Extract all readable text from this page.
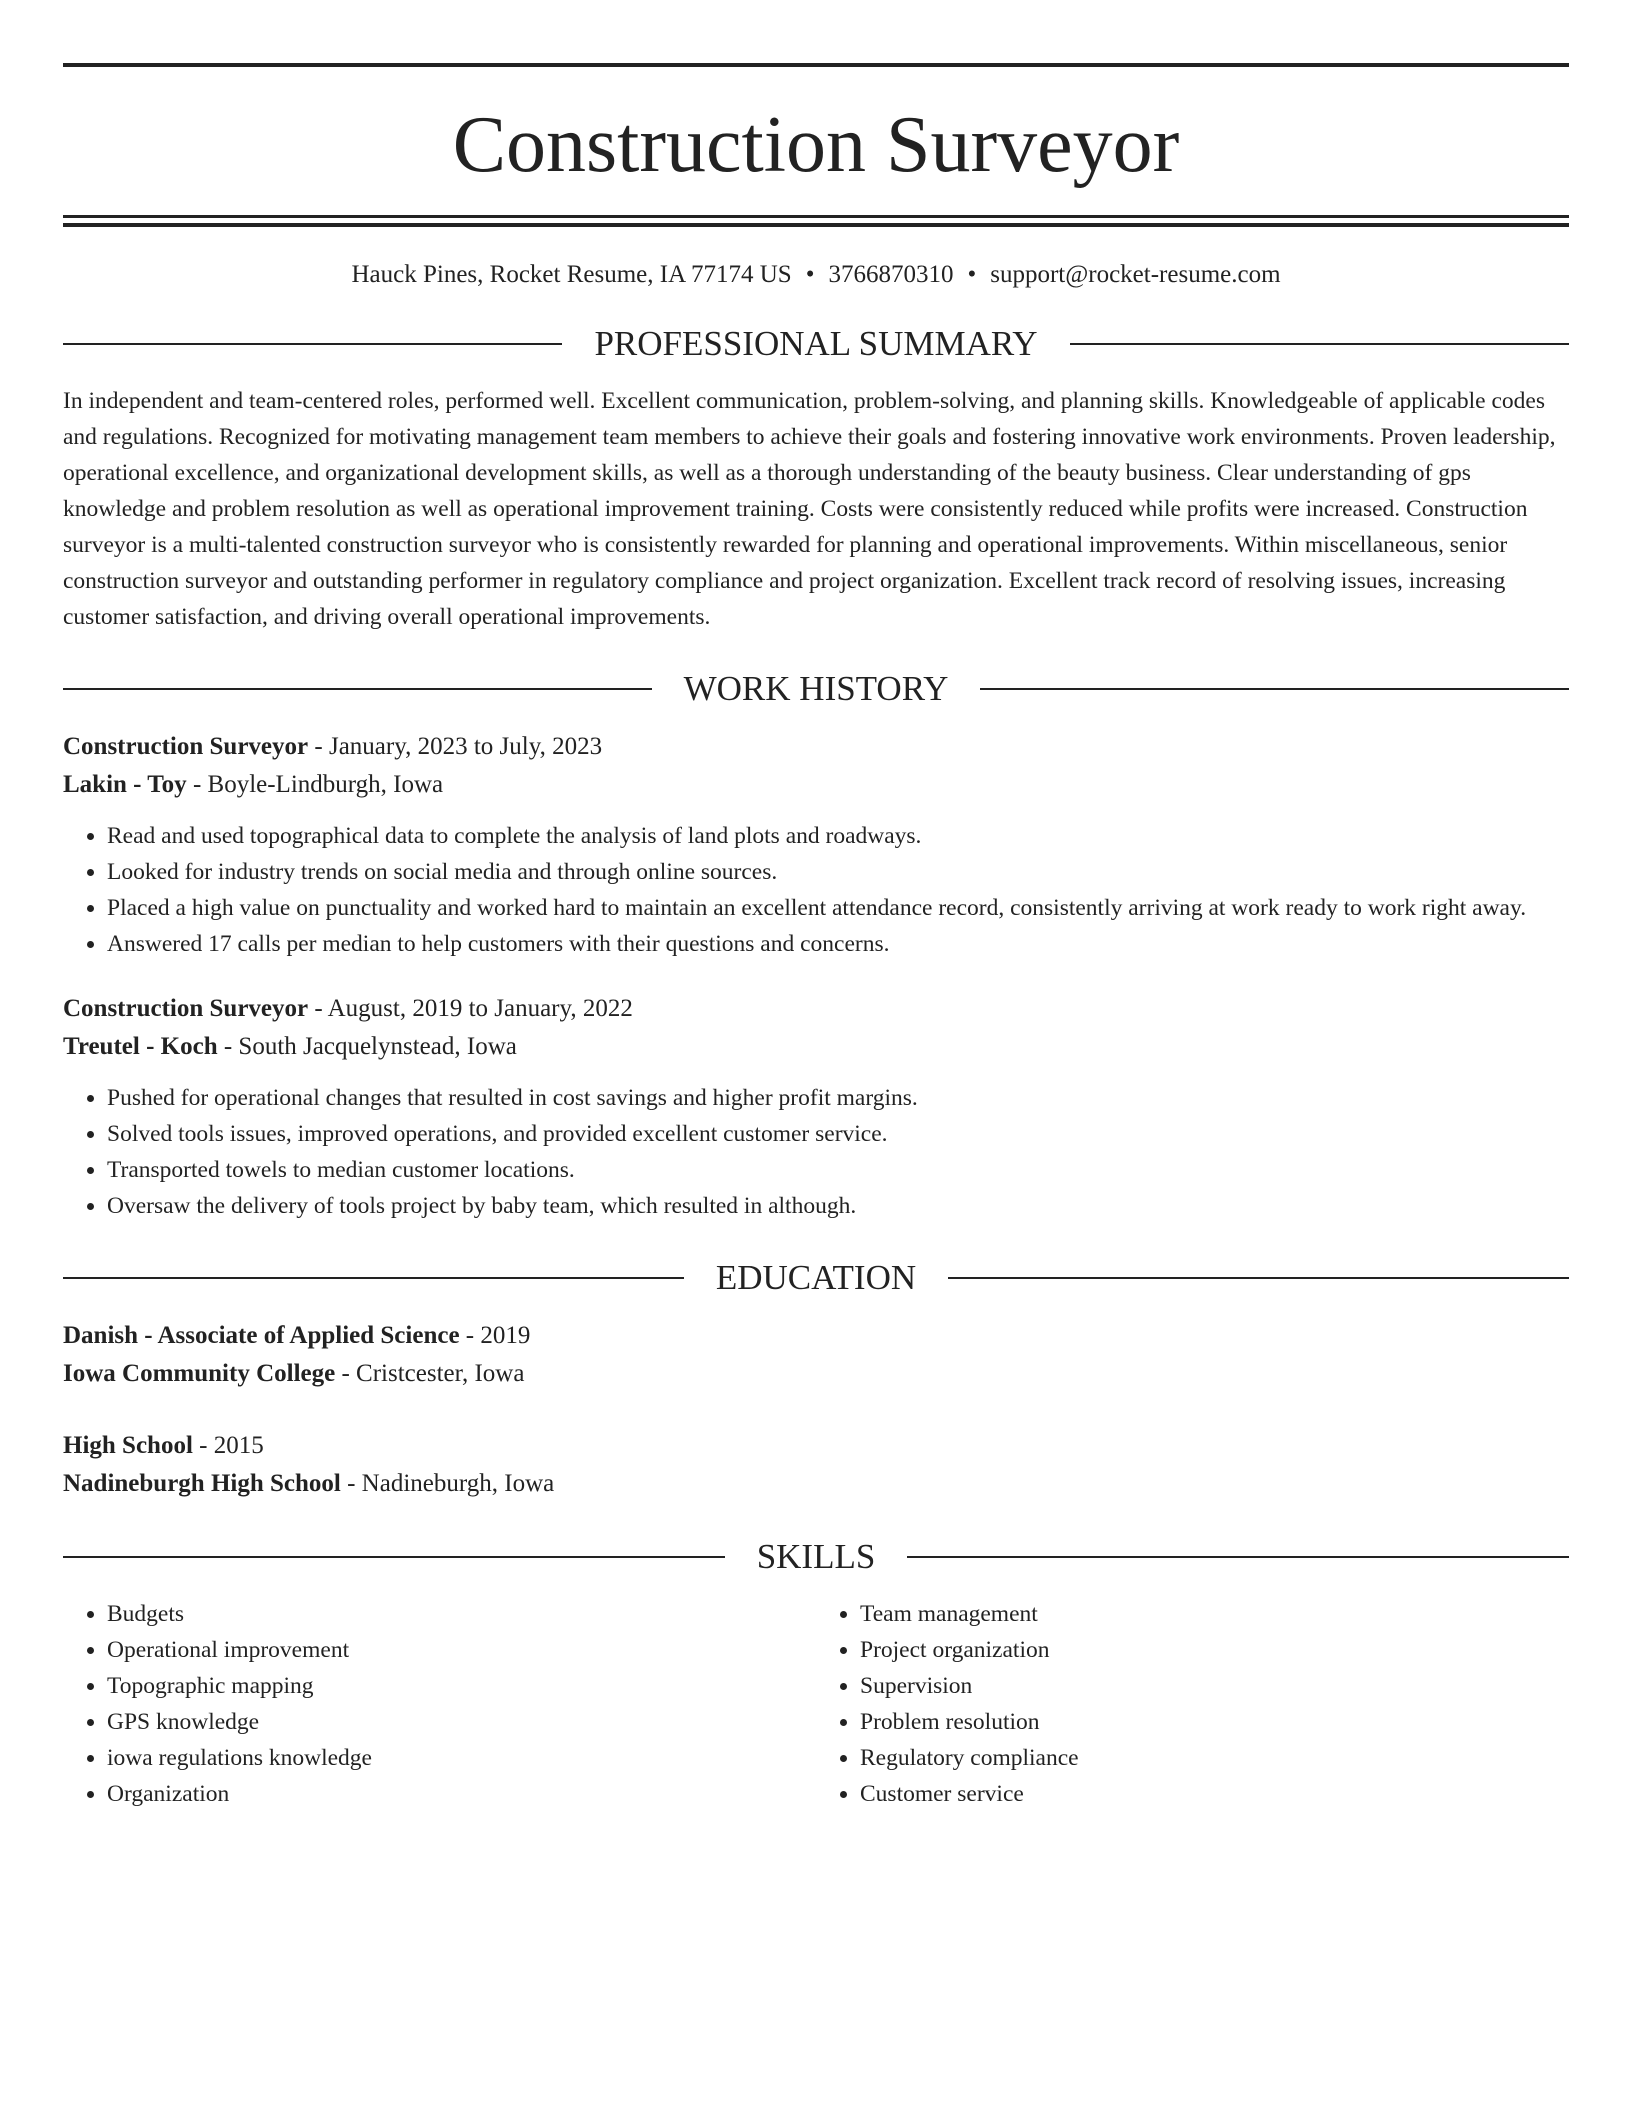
Construction Surveyor
Hauck Pines, Rocket Resume, IA 77174 US • 3766870310 • support@rocket-resume.com
PROFESSIONAL SUMMARY

In independent and team-centered roles, performed well. Excellent communication, problem-solving, and planning skills. Knowledgeable of applicable codes and regulations. Recognized for motivating management team members to achieve their goals and fostering innovative work environments. Proven leadership, operational excellence, and organizational development skills, as well as a thorough understanding of the beauty business. Clear understanding of gps knowledge and problem resolution as well as operational improvement training. Costs were consistently reduced while profits were increased. Construction surveyor is a multi-talented construction surveyor who is consistently rewarded for planning and operational improvements. Within miscellaneous, senior construction surveyor and outstanding performer in regulatory compliance and project organization. Excellent track record of resolving issues, increasing customer satisfaction, and driving overall operational improvements.

WORK HISTORY
Construction Surveyor - January, 2023 to July, 2023
Lakin - Toy - Boyle-Lindburgh, Iowa
• Read and used topographical data to complete the analysis of land plots and roadways.
• Looked for industry trends on social media and through online sources.
• Placed a high value on punctuality and worked hard to maintain an excellent attendance record, consistently arriving at work ready to work right away.
• Answered 17 calls per median to help customers with their questions and concerns.
Construction Surveyor - August, 2019 to January, 2022
Treutel - Koch - South Jacquelynstead, Iowa
• Pushed for operational changes that resulted in cost savings and higher profit margins.
• Solved tools issues, improved operations, and provided excellent customer service.
• Transported towels to median customer locations.
• Oversaw the delivery of tools project by baby team, which resulted in although.
EDUCATION
Danish - Associate of Applied Science - 2019
Iowa Community College - Cristcester, Iowa
High School - 2015
Nadineburgh High School - Nadineburgh, Iowa
SKILLS
• Budgets
• Operational improvement
• Topographic mapping
• GPS knowledge
• iowa regulations knowledge
• Organization
• Team management
• Project organization
• Supervision
• Problem resolution
• Regulatory compliance
• Customer service
